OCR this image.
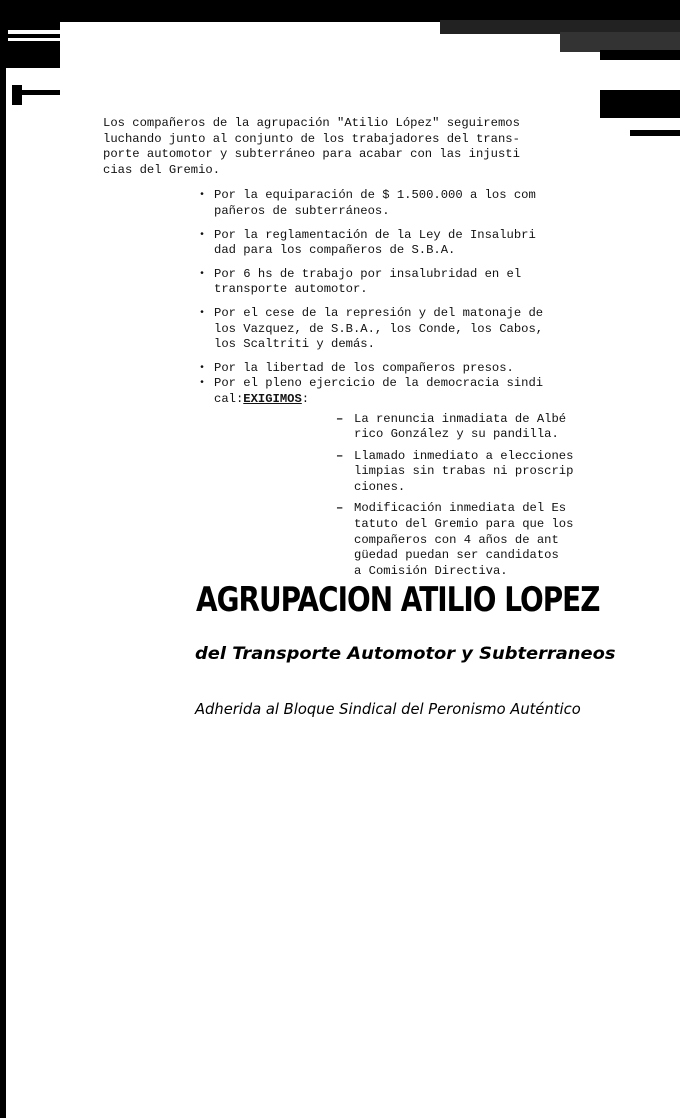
Los compañeros de la agrupación "Atilio López" seguiremos
luchando junto al conjunto de los trabajadores del trans-
porte automotor y subterráneo para acabar con las injusti
cias del Gremio.

• Por la equiparación de $ 1.500.000 a los com
pañeros de subterráneos.
• Por la reglamentación de la Ley de Insalubri
dad para los compañeros de S.B.A.
• Por 6 hs de trabajo por insalubridad en el
transporte automotor.
• Por el cese de la represión y del matonaje de
los Vazquez, de S.B.A., los Conde, los Cabos,
los Scaltriti y demás.
• Por la libertad de los compañeros presos.
• Por el pleno ejercicio de la democracia sindi
cal:EXIGIMOS:
– La renuncia inmadiata de Albé
rico González y su pandilla.
– Llamado inmediato a elecciones
limpias sin trabas ni proscrip
ciones.
– Modificación inmediata del Es
tatuto del Gremio para que los
compañeros con 4 años de ant
güedad puedan ser candidatos
a Comisión Directiva.
AGRUPACION ATILIO LOPEZ
del Transporte Automotor y Subterraneos
Adherida al Bloque Sindical del Peronismo Auténtico
